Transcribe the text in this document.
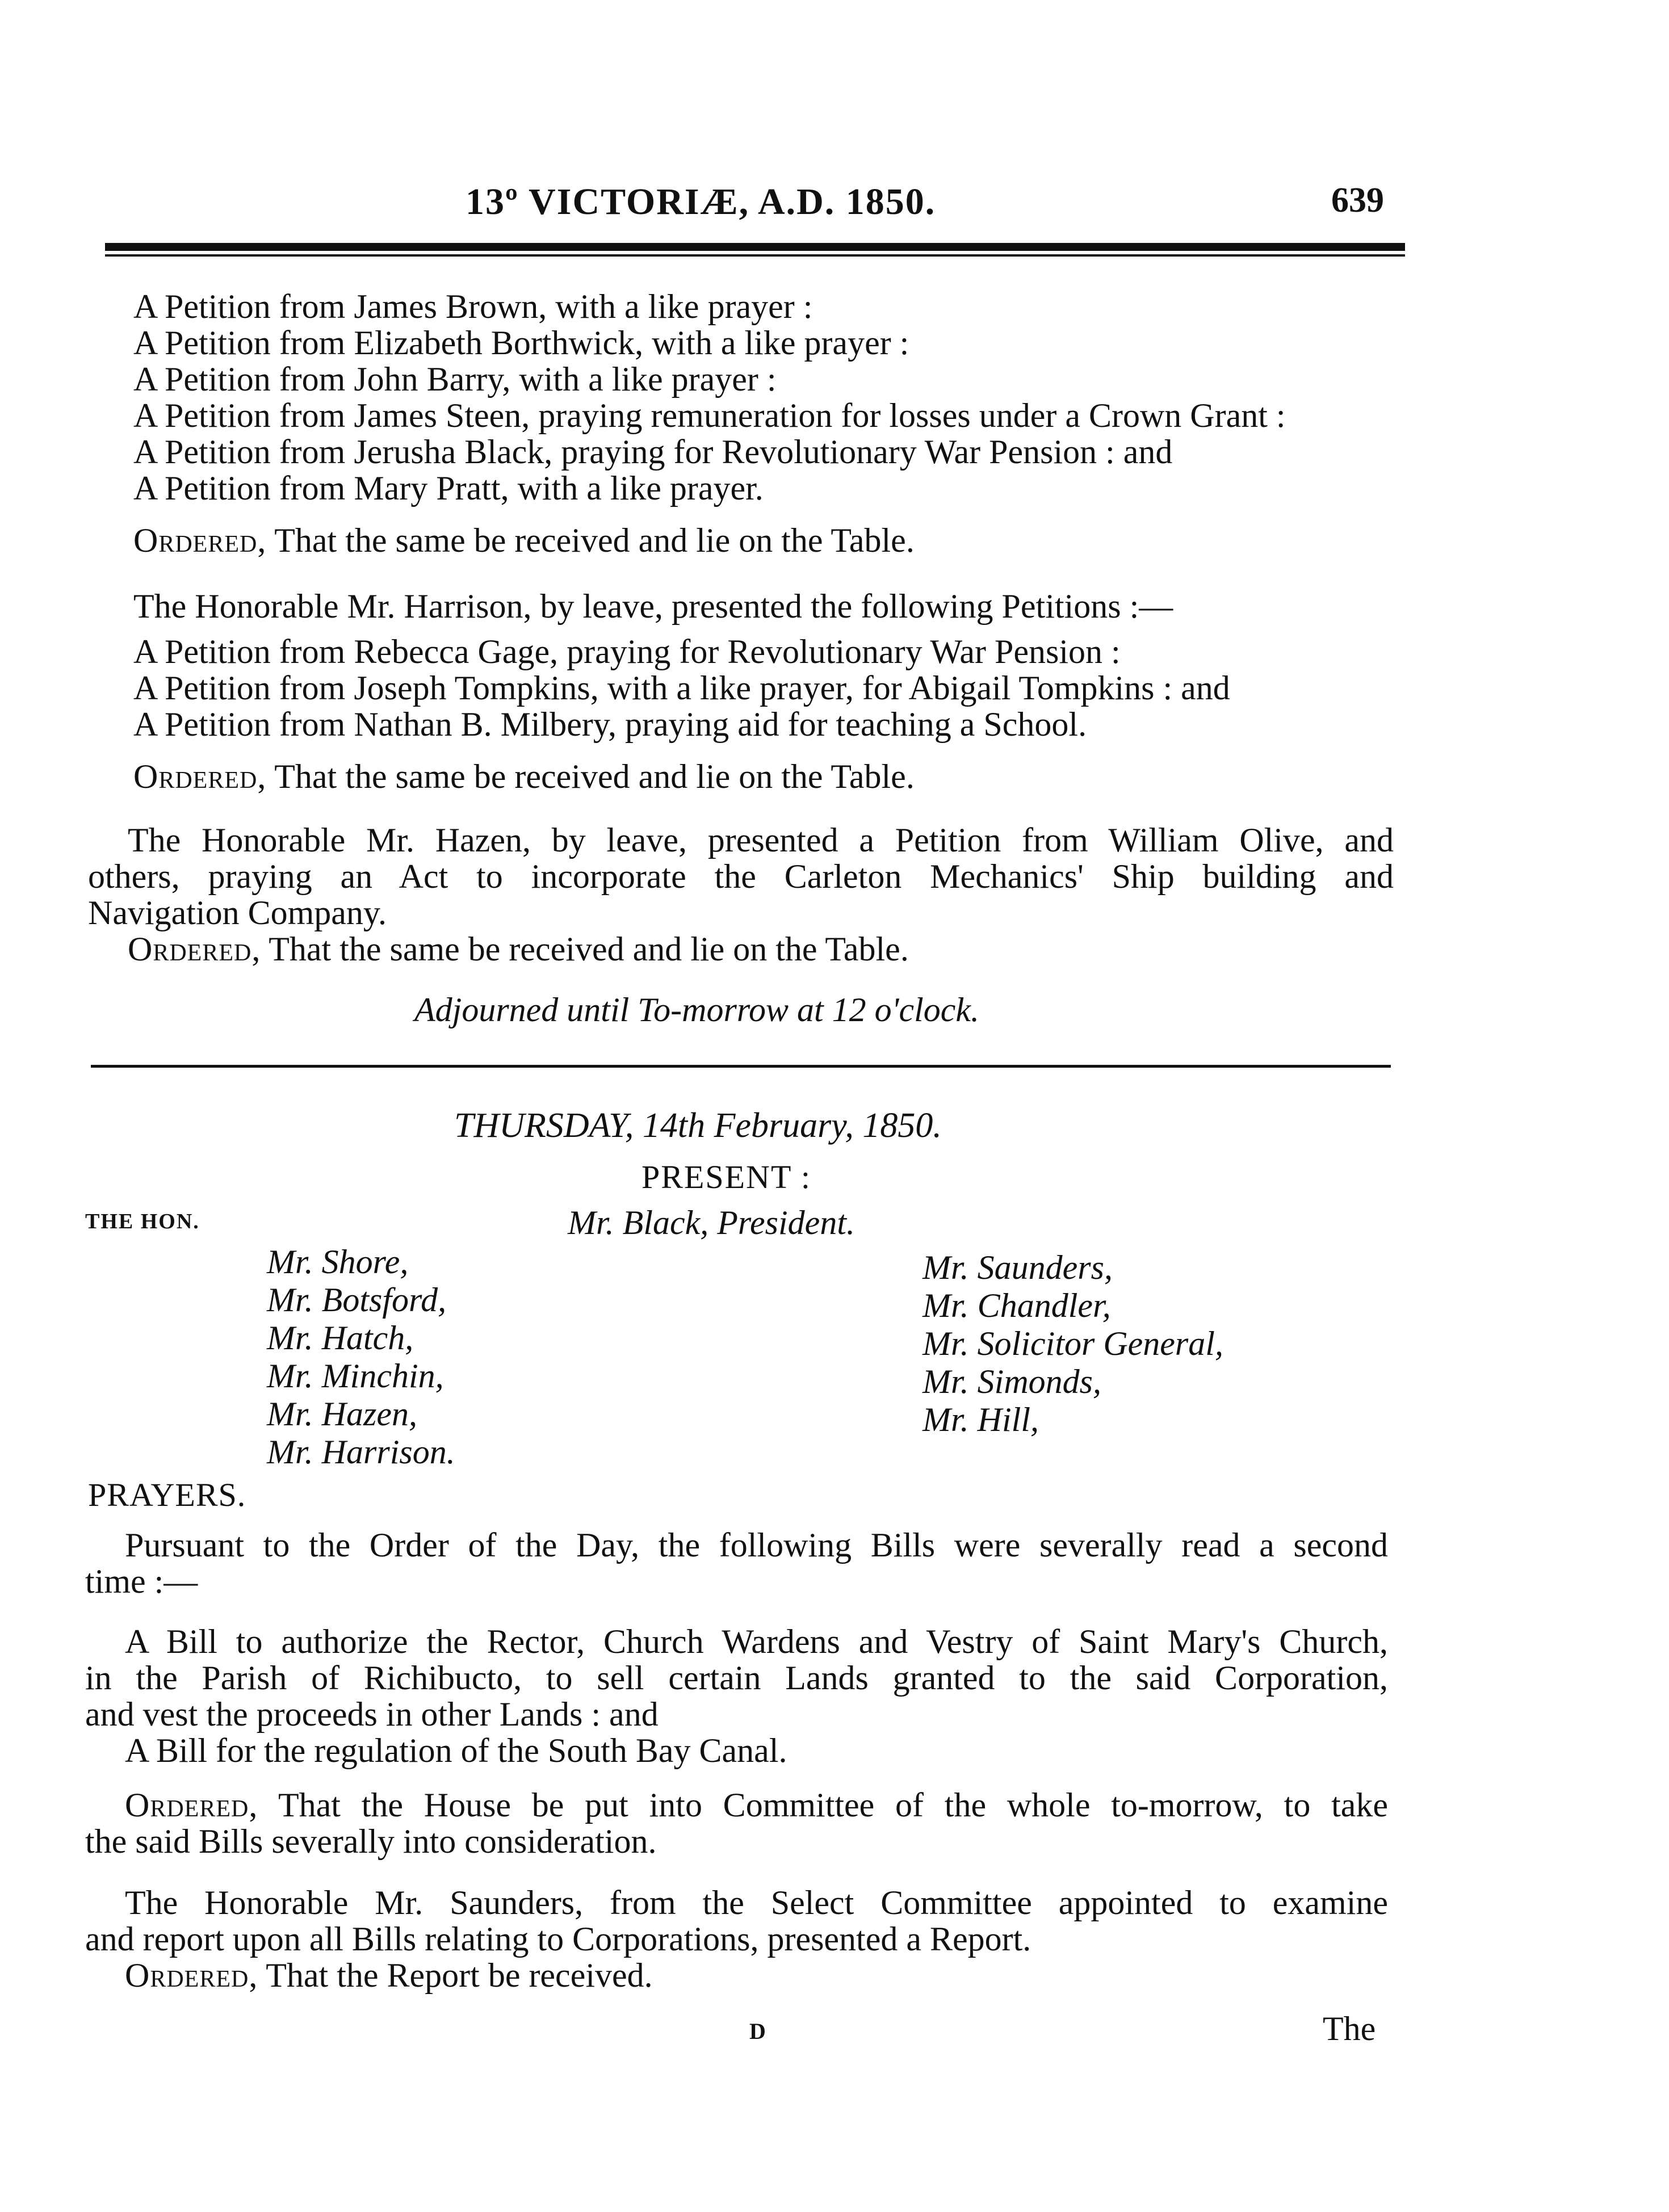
13º VICTORIÆ, A.D. 1850.	639
A Petition from James Brown, with a like prayer :
A Petition from Elizabeth Borthwick, with a like prayer :
A Petition from John Barry, with a like prayer :
A Petition from James Steen, praying remuneration for losses under a Crown Grant :
A Petition from Jerusha Black, praying for Revolutionary War Pension : and
A Petition from Mary Pratt, with a like prayer.
Ordered, That the same be received and lie on the Table.
The Honorable Mr. Harrison, by leave, presented the following Petitions :—
A Petition from Rebecca Gage, praying for Revolutionary War Pension :
A Petition from Joseph Tompkins, with a like prayer, for Abigail Tompkins : and
A Petition from Nathan B. Milbery, praying aid for teaching a School.
Ordered, That the same be received and lie on the Table.
The Honorable Mr. Hazen, by leave, presented a Petition from William Olive, and
others, praying an Act to incorporate the Carleton Mechanics' Ship building and
Navigation Company.
Ordered, That the same be received and lie on the Table.
Adjourned until To-morrow at 12 o'clock.
THURSDAY, 14th February, 1850.
PRESENT :
THE HON.	Mr. Black, President.
Mr. Shore,
Mr. Botsford,
Mr. Hatch,
Mr. Minchin,
Mr. Hazen,
Mr. Harrison.
Mr. Saunders,
Mr. Chandler,
Mr. Solicitor General,
Mr. Simonds,
Mr. Hill,
PRAYERS.
Pursuant to the Order of the Day, the following Bills were severally read a second
time :—
A Bill to authorize the Rector, Church Wardens and Vestry of Saint Mary's Church,
in the Parish of Richibucto, to sell certain Lands granted to the said Corporation,
and vest the proceeds in other Lands : and
A Bill for the regulation of the South Bay Canal.
Ordered, That the House be put into Committee of the whole to-morrow, to take
the said Bills severally into consideration.
The Honorable Mr. Saunders, from the Select Committee appointed to examine
and report upon all Bills relating to Corporations, presented a Report.
Ordered, That the Report be received.
D	The
